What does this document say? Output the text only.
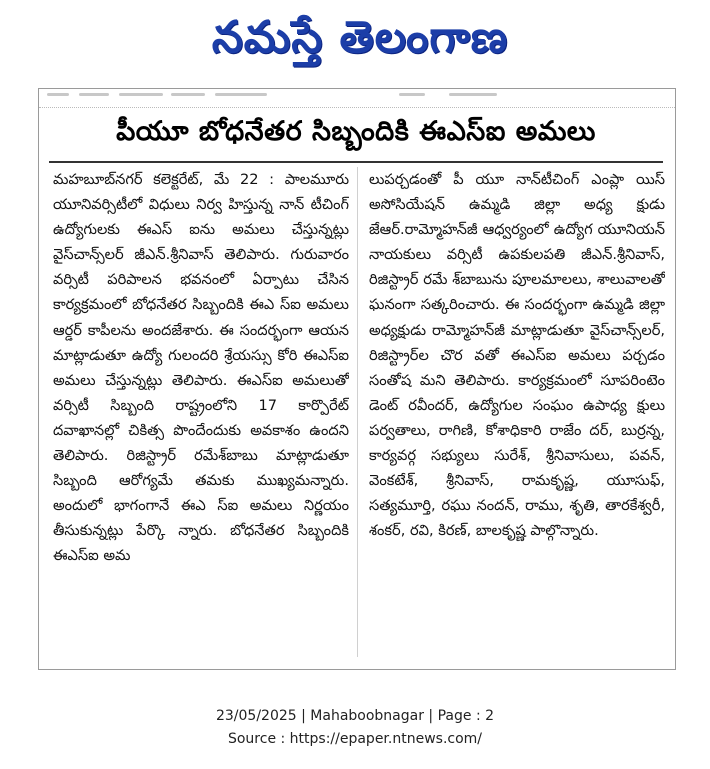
నమస్తే తెలంగాణ
పీయూ బోధనేతర సిబ్బందికి ఈఎస్ఐ అమలు

మహబూబ్‌నగర్ కలెక్టరేట్, మే 22 : పాలమూరు యూనివర్సిటీలో విధులు నిర్వ హిస్తున్న నాన్ టీచింగ్ ఉద్యోగులకు ఈఎస్ ఐను అమలు చేస్తున్నట్లు వైస్‌చాన్స్‌లర్ జీఎన్.శ్రీనివాస్ తెలిపారు. గురువారం వర్సిటీ పరిపాలన భవనంలో ఏర్పాటు చేసిన కార్యక్రమంలో బోధనేతర సిబ్బందికి ఈఎ స్ఐ అమలు ఆర్డర్ కాపీలను అందజేశారు. ఈ సందర్భంగా ఆయన మాట్లాడుతూ ఉద్యో గులందరి శ్రేయస్సు కోరి ఈఎస్ఐ అమలు చేస్తున్నట్లు తెలిపారు. ఈఎస్ఐ అమలుతో వర్సిటీ సిబ్బంది రాష్ట్రంలోని 17 కార్పొరేట్ దవాఖానల్లో చికిత్స పొందేందుకు అవకాశం ఉందని తెలిపారు. రిజిస్ట్రార్ రమేశ్‌బాబు మాట్లాడుతూ సిబ్బంది ఆరోగ్యమే తమకు ముఖ్యమన్నారు. అందులో భాగంగానే ఈఎ స్ఐ అమలు నిర్ణయం తీసుకున్నట్లు పేర్కొ న్నారు. బోధనేతర సిబ్బందికి ఈఎస్ఐ అమ

లుపర్చడంతో పీ యూ నాన్‌టీచింగ్ ఎంప్లా యిస్ అసోసియేషన్ ఉమ్మడి జిల్లా అధ్య క్షుడు జేఆర్.రామ్మోహన్‌జీ ఆధ్వర్యంలో ఉద్యోగ యూనియన్ నాయకులు వర్సిటీ ఉపకులపతి జీఎన్.శ్రీనివాస్, రిజిస్ట్రార్ రమే శ్‌బాబును పూలమాలలు, శాలువాలతో ఘనంగా సత్కరించారు. ఈ సందర్భంగా ఉమ్మడి జిల్లా అధ్యక్షుడు రామ్మోహన్‌జీ మాట్లాడుతూ వైస్‌చాన్స్‌లర్, రిజిస్ట్రార్‌ల చొర వతో ఈఎస్ఐ అమలు పర్చడం సంతోష మని తెలిపారు. కార్యక్రమంలో సూపరింటెం డెంట్ రవీందర్, ఉద్యోగుల సంఘం ఉపాధ్య క్షులు పర్వతాలు, రాగిణి, కోశాధికారి రాజేం దర్, బుర్రన్న, కార్యవర్గ సభ్యులు సురేశ్, శ్రీనివాసులు, పవన్, వెంకటేశ్, శ్రీనివాస్, రామకృష్ణ, యూసుఫ్, సత్యమూర్తి, రఘు నందన్, రాము, శృతి, తారకేశ్వరీ, శంకర్, రవి, కిరణ్, బాలకృష్ణ పాల్గొన్నారు.

23/05/2025 | Mahaboobnagar | Page : 2
Source : https://epaper.ntnews.com/
